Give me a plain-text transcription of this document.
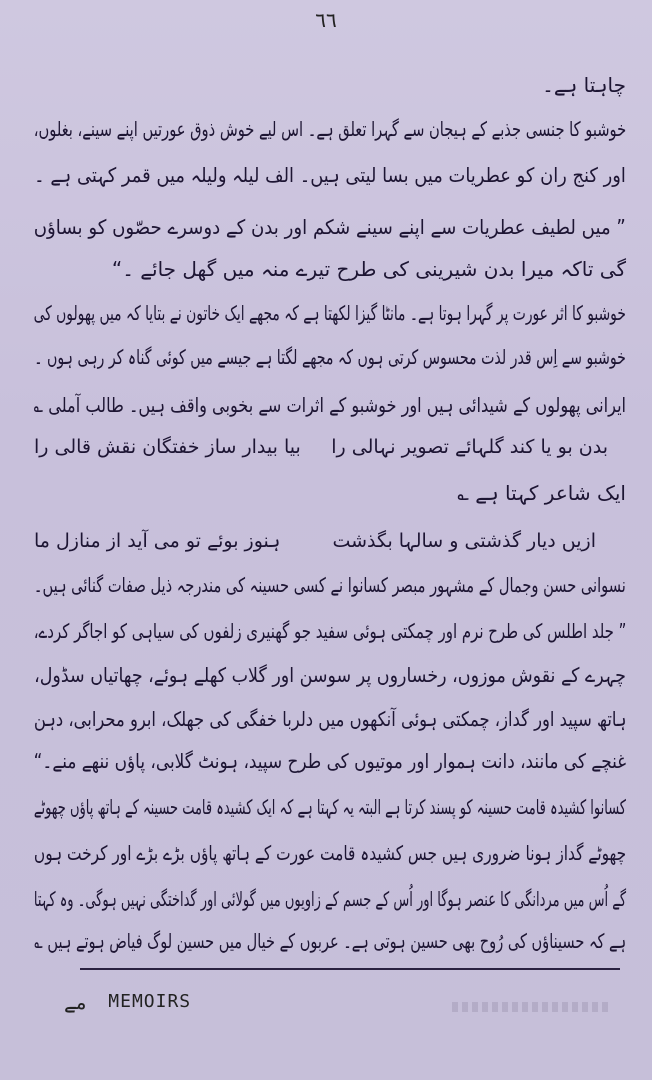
٦٦
چاہتا ہے۔
خوشبو کا جنسی جذبے کے ہیجان سے گہرا تعلق ہے۔ اس لیے خوش ذوق عورتیں اپنے سینے، بغلوں،
اور کنج ران کو عطریات میں بسا لیتی ہیں۔ الف لیلہ ولیلہ میں قمر کہتی ہے ۔
” میں لطیف عطریات سے اپنے سینے شکم اور بدن کے دوسرے حصّوں کو بساؤں
گی تاکہ میرا بدن شیرینی کی طرح تیرے منہ میں گھل جائے ۔“
خوشبو کا اثر عورت پر گہرا ہوتا ہے۔ مانٹا گیزا لکھتا ہے کہ مجھے ایک خاتون نے بتایا کہ میں پھولوں کی
خوشبو سے اِس قدر لذت محسوس کرتی ہوں کہ مجھے لگتا ہے جیسے میں کوئی گناہ کر رہی ہوں ۔
ایرانی پھولوں کے شیدائی ہیں اور خوشبو کے اثرات سے بخوبی واقف ہیں۔ طالب آملی ؎
بدن بو یا کند گلہائے تصویر نہالی را
بیا بیدار ساز خفتگان نقش قالی را
ایک شاعر کہتا ہے ؎
ازیں دیار گذشتی و سالہا بگذشت
ہنوز بوئے تو می آید از منازل ما
نسوانی حسن وجمال کے مشہور مبصر کسانوا نے کسی حسینہ کی مندرجہ ذیل صفات گنائی ہیں۔
” جلد اطلس کی طرح نرم اور چمکتی ہوئی سفید جو گھنیری زلفوں کی سیاہی کو اجاگر کردے،
چہرے کے نقوش موزوں، رخساروں پر سوسن اور گلاب کھلے ہوئے، چھاتیاں سڈول،
ہاتھ سپید اور گداز، چمکتی ہوئی آنکھوں میں دلربا خفگی کی جھلک، ابرو محرابی، دہن
غنچے کی مانند، دانت ہموار اور موتیوں کی طرح سپید، ہونٹ گلابی، پاؤں ننھے منے۔“
کسانوا کشیدہ قامت حسینہ کو پسند کرتا ہے البتہ یہ کہتا ہے کہ ایک کشیدہ قامت حسینہ کے ہاتھ پاؤں چھوٹے
چھوٹے گداز ہونا ضروری ہیں جس کشیدہ قامت عورت کے ہاتھ پاؤں بڑے بڑے اور کرخت ہوں
گے اُس میں مردانگی کا عنصر ہوگا اور اُس کے جسم کے زاویوں میں گولائی اور گداختگی نہیں ہوگی۔ وہ کہتا
ہے کہ حسیناؤں کی رُوح بھی حسین ہوتی ہے۔ عربوں کے خیال میں حسین لوگ فیاض ہوتے ہیں ؎
مے MEMOIRS
